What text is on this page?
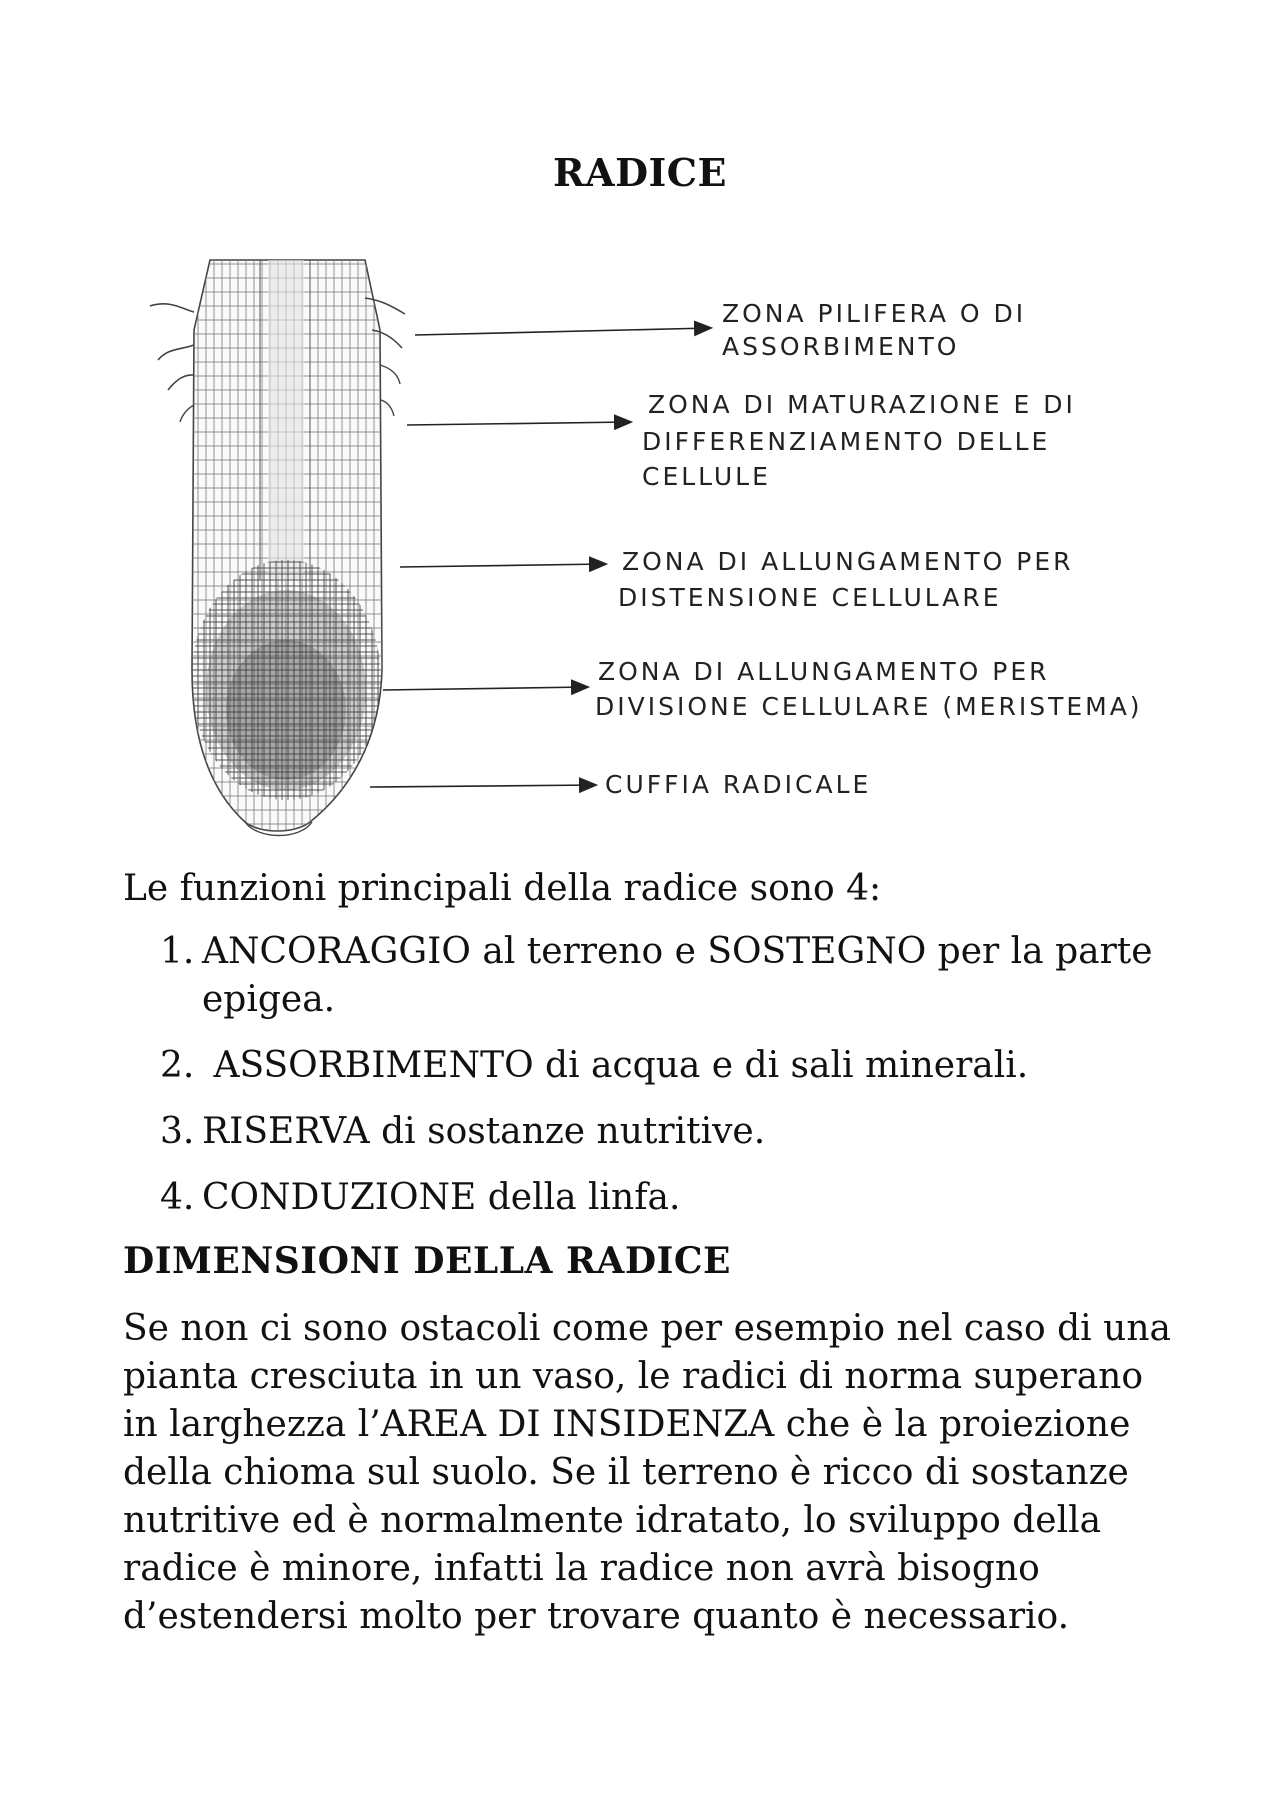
RADICE
ZONA PILIFERA O DI
ASSORBIMENTO
ZONA DI MATURAZIONE E DI
DIFFERENZIAMENTO DELLE
CELLULE
ZONA DI ALLUNGAMENTO PER
DISTENSIONE CELLULARE
ZONA DI ALLUNGAMENTO PER
DIVISIONE CELLULARE (MERISTEMA)
CUFFIA RADICALE
Le funzioni principali della radice sono 4:
1. ANCORAGGIO al terreno e SOSTEGNO per la parte epigea.
2. ASSORBIMENTO di acqua e di sali minerali.
3. RISERVA di sostanze nutritive.
4. CONDUZIONE della linfa.
DIMENSIONI DELLA RADICE

Se non ci sono ostacoli come per esempio nel caso di una pianta cresciuta in un vaso, le radici di norma superano in larghezza l’AREA DI INSIDENZA che è la proiezione della chioma sul suolo. Se il terreno è ricco di sostanze nutritive ed è normalmente idratato, lo sviluppo della radice è minore, infatti la radice non avrà bisogno d’estendersi molto per trovare quanto è necessario.
